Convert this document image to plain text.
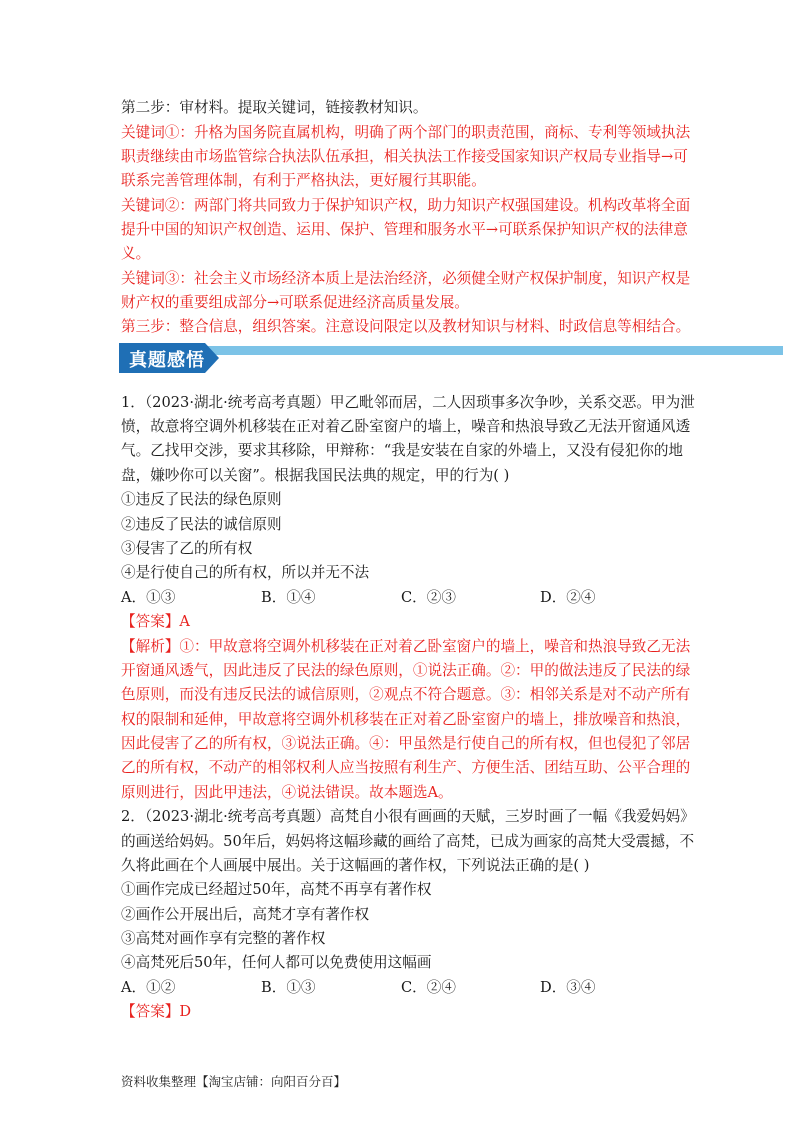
第二步：审材料。提取关键词，链接教材知识。
关键词①：升格为国务院直属机构，明确了两个部门的职责范围，商标、专利等领域执法
职责继续由市场监管综合执法队伍承担，相关执法工作接受国家知识产权局专业指导→可
联系完善管理体制，有利于严格执法，更好履行其职能。
关键词②：两部门将共同致力于保护知识产权，助力知识产权强国建设。机构改革将全面
提升中国的知识产权创造、运用、保护、管理和服务水平→可联系保护知识产权的法律意
义。
关键词③：社会主义市场经济本质上是法治经济，必须健全财产权保护制度，知识产权是
财产权的重要组成部分→可联系促进经济高质量发展。
第三步：整合信息，组织答案。注意设问限定以及教材知识与材料、时政信息等相结合。
真题感悟
1．（2023·湖北·统考高考真题）甲乙毗邻而居，二人因琐事多次争吵，关系交恶。甲为泄
愤，故意将空调外机移装在正对着乙卧室窗户的墙上，噪音和热浪导致乙无法开窗通风透
气。乙找甲交涉，要求其移除，甲辩称：“我是安装在自家的外墙上，又没有侵犯你的地
盘，嫌吵你可以关窗”。根据我国民法典的规定，甲的行为( )
①违反了民法的绿色原则
②违反了民法的诚信原则
③侵害了乙的所有权
④是行使自己的所有权，所以并无不法
A．①③	B．①④	C．②③	D．②④
【答案】A
【解析】①：甲故意将空调外机移装在正对着乙卧室窗户的墙上，噪音和热浪导致乙无法
开窗通风透气，因此违反了民法的绿色原则，①说法正确。②：甲的做法违反了民法的绿
色原则，而没有违反民法的诚信原则，②观点不符合题意。③：相邻关系是对不动产所有
权的限制和延伸，甲故意将空调外机移装在正对着乙卧室窗户的墙上，排放噪音和热浪，
因此侵害了乙的所有权，③说法正确。④：甲虽然是行使自己的所有权，但也侵犯了邻居
乙的所有权，不动产的相邻权利人应当按照有利生产、方便生活、团结互助、公平合理的
原则进行，因此甲违法，④说法错误。故本题选A。
2．（2023·湖北·统考高考真题）高梵自小很有画画的天赋，三岁时画了一幅《我爱妈妈》
的画送给妈妈。50年后，妈妈将这幅珍藏的画给了高梵，已成为画家的高梵大受震撼，不
久将此画在个人画展中展出。关于这幅画的著作权，下列说法正确的是( )
①画作完成已经超过50年，高梵不再享有著作权
②画作公开展出后，高梵才享有著作权
③高梵对画作享有完整的著作权
④高梵死后50年，任何人都可以免费使用这幅画
A．①②	B．①③	C．②④	D．③④
【答案】D
资料收集整理【淘宝店铺：向阳百分百】
